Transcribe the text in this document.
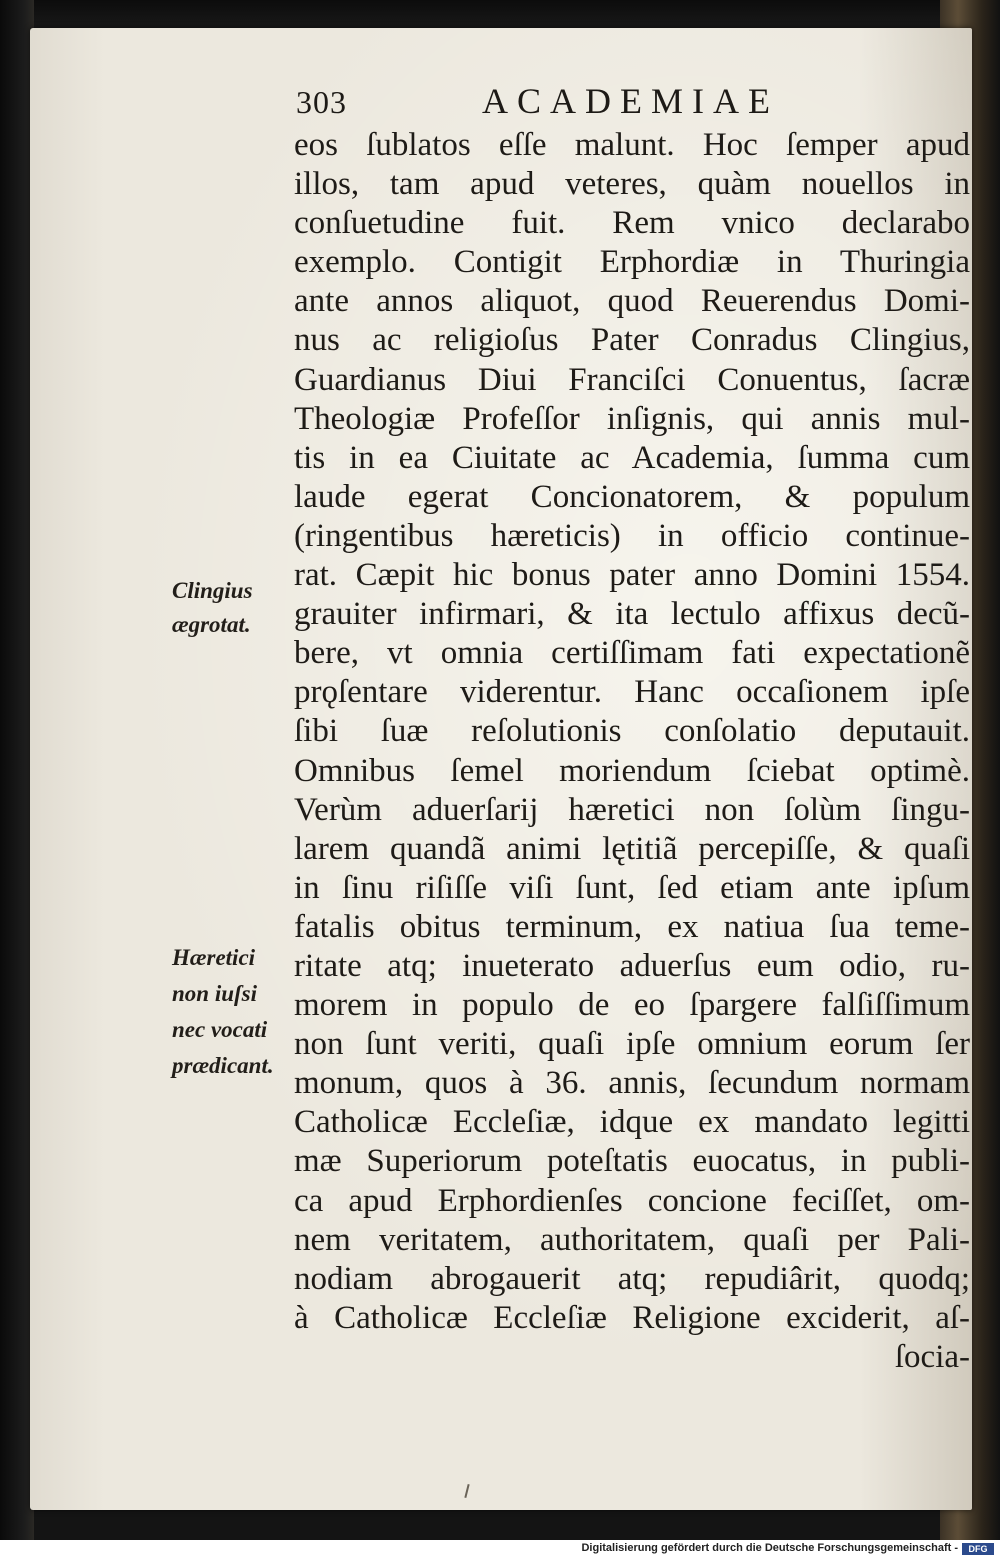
303	ACADEMIAE
eos ſublatos eſſe malunt. Hoc ſemper apud
illos, tam apud veteres, quàm nouellos in
conſuetudine fuit. Rem vnico declarabo
exemplo. Contigit Erphordiæ in Thuringia
ante annos aliquot, quod Reuerendus Domi-
nus ac religioſus Pater Conradus Clingius,
Guardianus Diui Franciſci Conuentus, ſacræ
Theologiæ Profeſſor inſignis, qui annis mul-
tis in ea Ciuitate ac Academia, ſumma cum
laude egerat Concionatorem, & populum
(ringentibus hæreticis) in officio continue-
rat. Cæpit hic bonus pater anno Domini 1554.
grauiter infirmari, & ita lectulo affixus decũ-
bere, vt omnia certiſſimam fati expectationẽ
prǫſentare viderentur. Hanc occaſionem ipſe
ſibi ſuæ reſolutionis conſolatio deputauit.
Omnibus ſemel moriendum ſciebat optimè.
Verùm aduerſarij hæretici non ſolùm ſingu-
larem quandã animi lętitiã percepiſſe, & quaſi
in ſinu riſiſſe viſi ſunt, ſed etiam ante ipſum
fatalis obitus terminum, ex natiua ſua teme-
ritate atq; inueterato aduerſus eum odio, ru-
morem in populo de eo ſpargere falſiſſimum
non ſunt veriti, quaſi ipſe omnium eorum ſer
monum, quos à 36. annis, ſecundum normam
Catholicæ Eccleſiæ, idque ex mandato legitti
mæ Superiorum poteſtatis euocatus, in publi-
ca apud Erphordienſes concione feciſſet, om-
nem veritatem, authoritatem, quaſi per Pali-
nodiam abrogauerit atq; repudiârit, quodq;
à Catholicæ Eccleſiæ Religione exciderit, aſ-
ſocia-
Clingius
ægrotat.
Hæretici
non iuſsi
nec vocati
prædicant.
Digitalisierung gefördert durch die Deutsche Forschungsgemeinschaft -	DFG
